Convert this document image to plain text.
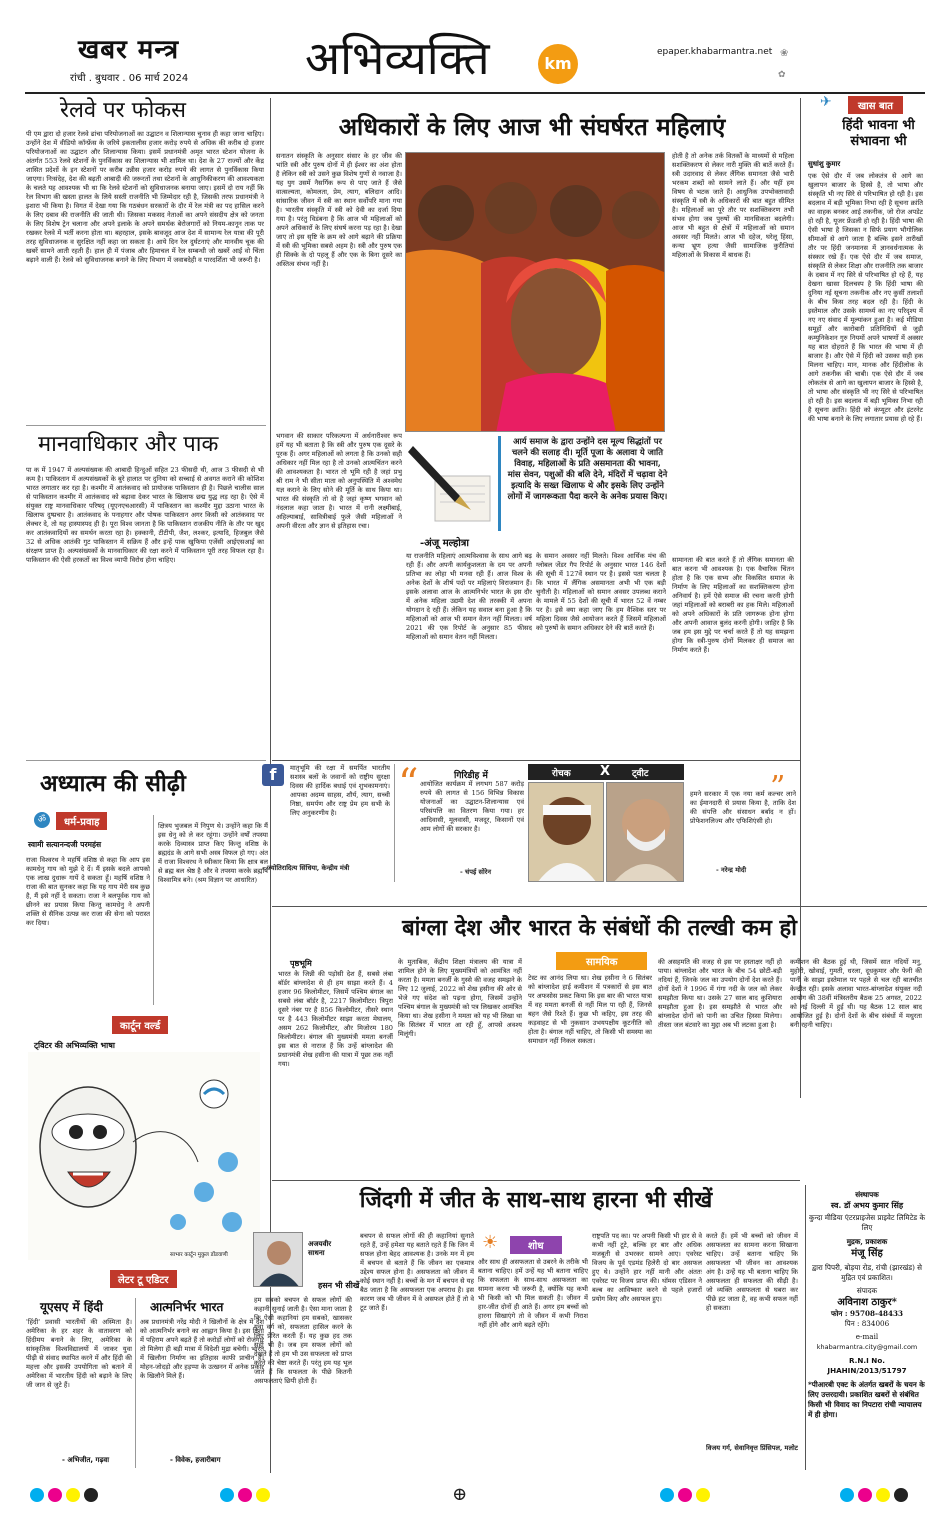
खबर मन्त्र
रांची . बुधवार . 06 मार्च 2024	अभिव्यक्ति	km
epaper.khabarmantra.net ❀
✿
रेलवे पर फोकस
पी एम द्वारा दो हजार रेलवे ढांचा परियोजनाओं का उद्घाटन व शिलान्यास चुनाव ही कहा जाना चाहिए। उन्होंने देश में वीडियो कॉन्फ्रेंस के जरिये इकतालीस हजार करोड़ रुपये से अधिक की करीब दो हजार परियोजनाओं का उद्घाटन और शिलान्यास किया। इसमें प्रधानमंत्री अमृत भारत स्टेशन योजना के अंतर्गत 553 रेलवे स्टेशनों के पुनर्विकास का शिलान्यास भी शामिल था। देश के 27 राज्यों और केंद्र शासित प्रदेशों के इन स्टेशनों पर करीब उन्नीस हजार करोड़ रुपये की लागत से पुनर्विकास किया जाएगा। निःसंदेह, देश की बढ़ती आबादी की जरूरतों तथा स्टेशनों के आधुनिकीकरण की आवश्यकता के चलते यह आवश्यक भी था कि रेलवे स्टेशनों को सुविधाजनक बनाया जाए। इसमें दो राय नहीं कि रेल विभाग की खस्ता हालत के लिये सस्ती राजनीति भी जिम्मेदार रही है, जिसकी तरफ प्रधानमंत्री ने इशारा भी किया है। विगत में देखा गया कि गठबंधन सरकारों के दौर में रेल मंत्री का पद हासिल करने के लिए दबाव की राजनीति की जाती थी। जिसका मकसद नेताओं का अपने संसदीय क्षेत्र को जनता के लिए विशेष ट्रेन चलाना और अपने इलाके के अपने समर्थक बेरोजगारों को नियम-कानून ताक पर रखकर रेलवे में भर्ती करना होता था। बहरहाल, इसके बावजूद आज देश में सामान्य रेल यात्रा की पूरी तरह सुविधाजनक व सुरक्षित नहीं कहा जा सकता है। आये दिन रेल दुर्घटनाएं और मानवीय चूक की खबरें सामने आती रहती हैं। हाल ही में पंजाब और हिमाचल में रेल सम्बन्धी जो खबरें आईं वो चिंता बढ़ाने वाली हैं। रेलवे को सुविधाजनक बनाने के लिए विभाग में जवाबदेही व पारदर्शिता भी जरूरी है।
मानवाधिकार और पाक
पा क में 1947 में अल्पसंख्यक की आबादी हिन्दुओं सहित 23 फीसदी थी, आज 3 फीसदी से भी कम है। पाकिस्तान में अल्पसंख्यकों के बुरे हालात पर दुनिया को सच्चाई से अवगत कराने की कोशिश भारत लगातार कर रहा है। कश्मीर में आतंकवाद को प्रायोजक पाकिस्तान ही है। पिछले चालीस साल से पाकिस्तान कश्मीर में आतंकवाद को बढ़ावा देकर भारत के खिलाफ छद्म युद्ध लड़ रहा है। ऐसे में संयुक्त राष्ट्र मानवाधिकार परिषद् (यूएनएचआरसी) में पाकिस्तान का कश्मीर मुद्दा उठाना भारत के खिलाफ दुष्प्रचार है। आतंकवाद के पनाहगार और पोषक पाकिस्तान अगर किसी को आतंकवाद पर लेक्चर दे, तो यह हास्यास्पद ही है। पूरा विश्व जानता है कि पाकिस्तान राजकीय नीति के तौर पर खुद कर आतंकवादियों का समर्थन करता रहा है। हक्कानी, टीटीपी, जैश, लश्कर, इत्यादि, हिजबुल जैसे 32 से अधिक आतंकी गुट पाकिस्तान में सक्रिय हैं और इन्हें पाक खुफिया एजेंसी आईएसआई का संरक्षण प्राप्त है। अल्पसंख्यकों के मानवाधिकार की रक्षा करने में पाकिस्तान पूरी तरह विफल रहा है। पाकिस्तान की ऐसी हरकतों का विश्व व्यापी विरोध होना चाहिए।
अध्यात्म की सीढ़ी
धर्म-प्रवाह
ॐ
स्वामी सत्यानन्दजी परमहंस
राजा विश्वरथ ने महर्षि वशिष्ठ से कहा कि आप इस कामधेनु गाय को मुझे दे दें। मैं इसके बदले आपको एक लाख दुधारू गायें दे सकता हूँ। महर्षि वशिष्ठ ने राजा की बात सुनकर कहा कि यह गाय मेरी सब कुछ है, मैं इसे नहीं दे सकता। राजा ने बलपूर्वक गाय को छीनने का प्रयास किया किन्तु कामधेनु ने अपनी शक्ति से सैनिक उत्पन्न कर राजा की सेना को परास्त कर दिया।
क्षित्रय भुजबल में निपुण थे। उन्होंने कहा कि मैं इस धेनु को ले कर रहूंगा। उन्होंने वर्षों तपस्या करके दिव्यास्त्र प्राप्त किए किन्तु वशिष्ठ के ब्रह्मदंड के आगे सभी अस्त्र विफल हो गए। अंत में राजा विश्वरथ ने स्वीकार किया कि क्षात्र बल से ब्रह्म बल श्रेष्ठ है और वे तपस्या करके ब्रह्मर्षि विश्वामित्र बने। (श्रम विज्ञान पर आधारित)
कार्टून वर्ल्ड
ट्विटर की अभिव्यक्ति भाषा
साभार कार्टून मुकुल डोंडवाणी
लेटर टू एडिटर
यूएसए में हिंदी
'हिंदी' प्रवासी भारतीयों की अस्मिता है। अमेरिका के हर शहर के वातावरण को हिंदीमय बनाने के लिए, अमेरिका के सांस्कृतिक विश्वविद्यालयों में जाकर युवा पीढ़ी से संवाद स्थापित करने में और हिंदी की महत्ता और इसकी उपयोगिता को बताने में अमेरिका में भारतीय हिंदी को बढ़ाने के लिए जी जान से जुटे हैं।
- अभिजीत, गढ़वा
आत्मनिर्भर भारत
अब प्रधानमंत्री नरेंद्र मोदी ने खिलौनों के क्षेत्र में देश को आत्मनिर्भर बनाने का आह्वान किया है। इस दिशा में पहिराम अपने बढ़ते हैं तो करोड़ों लोगों को रोजगार तो मिलेगा ही बड़ी मात्रा में विदेशी मुद्रा बचेगी। भारत में खिलौना निर्माण का इतिहास काफी प्राचीन है। मोहन-जोदड़ो और हड़प्पा के उत्खनन में अनेक प्रकार के खिलौने मिले हैं।
- विवेक, हजारीबाग
अधिकारों के लिए आज भी संघर्षरत महिलाएं
सनातन संस्कृति के अनुसार संसार के हर जीव की भांति स्त्री और पुरुष दोनों में ही ईश्वर का अंश होता है लेकिन स्त्री को उसने कुछ विशेष गुणों से नवाजा है। यह युग उसमें नैसर्गिक रूप से पाए जाते हैं जैसे वात्सल्यता, कोमलता, प्रेम, त्याग, बलिदान आदि। सांसारिक जीवन में स्त्री का स्थान सर्वोपरि माना गया है। भारतीय संस्कृति में स्त्री को देवी का दर्जा दिया गया है। परंतु विडंबना है कि आज भी महिलाओं को अपने अधिकारों के लिए संघर्ष करना पड़ रहा है। देखा जाए तो इस सृष्टि के क्रम को आगे बढ़ाने की प्रक्रिया में स्त्री की भूमिका सबसे अहम है। स्त्री और पुरुष एक ही सिक्के के दो पहलू हैं और एक के बिना दूसरे का अस्तित्व संभव नहीं है।
भगवान की साकार परिकल्पना में अर्धनारीश्वर रूप हमें यह भी बताता है कि स्त्री और पुरुष एक दूसरे के पूरक हैं। अगर महिलाओं को लगता है कि उनको सही अधिकार नहीं मिल रहा है तो उनको आत्मचिंतन करने की आवश्यकता है। भारत तो भूमि रही है जहां प्रभु श्री राम ने भी सीता माता को अनुपस्थिति में अश्वमेध यज्ञ कराने के लिए सोने की मूर्ति के साथ किया था। भारत की संस्कृति तो वो है जहां कृष्ण भगवान को नंदलाल कहा जाता है। भारत में रानी लक्ष्मीबाई, अहिल्याबाई, सावित्रीबाई फुले जैसी महिलाओं ने अपनी वीरता और ज्ञान से इतिहास रचा।
होती है तो अनेक तर्क वितर्कों के माध्यमों से महिला सशक्तिकरण से लेकर नारी मुक्ति की बातें करते हैं। स्त्री उदारवाद से लेकर लैंगिक समानता जैसे भारी भरकम शब्दों को सामने लाते हैं। और यहीं हम विषय से भटक जाते हैं। आधुनिक उपभोक्तावादी संस्कृति में स्त्री के अधिकारों की बात बहुत सीमित है। महिलाओं का पूरे तौर पर सशक्तिकरण तभी संभव होगा जब पुरुषों की मानसिकता बदलेगी। आज भी बहुत से क्षेत्रों में महिलाओं को समान अवसर नहीं मिलते। आज भी दहेज, घरेलू हिंसा, कन्या भ्रूण हत्या जैसी सामाजिक कुरीतियां महिलाओं के विकास में बाधक हैं।
आर्य समाज के द्वारा उन्होंने दस मूल्य सिद्धांतों पर चलने की सलाह दी। मूर्ति पूजा के अलावा ये जाति विवाह, महिलाओं के प्रति असमानता की भावना, मांस सेवन, पशुओं की बलि देने, मंदिरों में चढ़ावा देने इत्यादि के सख्त खिलाफ थे और इसके लिए उन्होंने लोगों में जागरूकता पैदा करने के अनेक प्रयास किए।
-अंजू मल्होत्रा
या राजनीति महिलाएं आत्मविश्वास के साथ आगे बढ़ रही हैं। और अपनी कार्यकुशलता के दम पर अपनी प्रतिभा का लोहा भी मनवा रही हैं। आज विश्व के अनेक देशों के शीर्ष पदों पर महिलाएं विराजमान हैं। इसके अलावा आज के आत्मनिर्भर भारत के इस दौर में अनेक महिला उद्यमी देश की तरक्की में अपना योगदान दे रही हैं। लेकिन यह सवाल बना हुआ है कि महिलाओं को आज भी समान वेतन नहीं मिलता। वर्ष 2021 की एक रिपोर्ट के अनुसार 85 फीसद महिलाओं को समान वेतन नहीं मिलता।
के समान अवसर नहीं मिलते। विश्व आर्थिक मंच की ग्लोबल जेंडर गैप रिपोर्ट के अनुसार भारत 146 देशों की सूची में 127वें स्थान पर है। इससे पता चलता है कि भारत में लैंगिक असमानता अभी भी एक बड़ी चुनौती है। महिलाओं को समान अवसर उपलब्ध कराने के मामले में 55 देशों की सूची में भारत 52 वें नम्बर पर है। इसे क्या कहा जाए कि हम वैश्विक स्तर पर महिला दिवस जैसे आयोजन करते हैं जिसमें महिलाओं को पुरुषों के समान अधिकार देने की बातें करते हैं।
सामानता की बात करते हैं तो लैंगिक समानता की बात करना भी आवश्यक है। एक वैचारिक चिंतन होता है कि एक सभ्य और विकसित समाज के निर्माण के लिए महिलाओं का सशक्तिकरण होना अनिवार्य है। हमें ऐसे समाज की रचना करनी होगी जहां महिलाओं को बराबरी का हक मिले। महिलाओं को अपने अधिकारों के प्रति जागरूक होना होगा और अपनी आवाज बुलंद करनी होगी। जाहिर है कि जब हम इस मुद्दे पर चर्चा करते हैं तो यह समझना होगा कि स्त्री-पुरुष दोनों मिलकर ही समाज का निर्माण करते हैं।
खास बात
✈
हिंदी भावना भी संभावना भी
सुधांशु कुमार
एक ऐसे दौर में जब लोकतंत्र से आगे का खुलापन बाजार के हिस्से है, तो भाषा और संस्कृति भी नए सिरे से परिभाषित हो रही है। इस बदलाव में बड़ी भूमिका निभा रही है सूचना क्रांति का वाहक बनकर आई तकनीक, जो रोज अपडेट हो रही है, यूजर फ्रेंडली हो रही है। हिंदी भाषा की ऐसी भाषा है जिसका न सिर्फ प्रयाग भौगोलिक सीमाओं से आगे जाता है बल्कि इसने तारीखों तौर पर हिंदी जनमानस में ज्ञानवर्धनात्मक के संस्कार रखे हैं। एक ऐसे दौर में जब समाज, संस्कृति से लेकर शिक्षा और राजनीति तक बाजार के दबाव में नए सिरे से परिभाषित हो रहे हैं, यह देखना खासा दिलचस्प है कि हिंदी भाषा की दुनिया नई सूचना तकनीक और नए कुर्सी तलाशों के बीच किस तरह बदल रही है। हिंदी के इस्तेमाल और उसके सामर्थ्य का नए परिदृश्य में नए नए संवाद में मूल्यांकन हुआ है। कई मीडिया समूहों और कारोबारी प्रतिनिधियों से जुड़ी कम्युनिकेशन गुरु नियमों अपने भाषणों में अक्सर यह बात दोहराते हैं कि भारत की भाषा में ही बाजार है। और ऐसे में हिंदी को उसका सही हक मिलना चाहिए। मान, मानक और हिंदीलोक के आगे तकनीक की चाबी। एक ऐसे दौर में जब लोकतंत्र से आगे का खुलापन बाजार के हिस्से है, तो भाषा और संस्कृति भी नए सिरे से परिभाषित हो रही है। इस बदलाव में बड़ी भूमिका निभा रही है सूचना क्रांति। हिंदी को कंप्यूटर और इंटरनेट की भाषा बनाने के लिए लगातार प्रयास हो रहे हैं।
f	मातृभूमि की रक्षा में समर्पित भारतीय सशस्त्र बलों के जवानों को राष्ट्रीय सुरक्षा दिवस की हार्दिक बधाई एवं शुभकामनाएं। आपका अदम्य साहस, शौर्य, त्याग, सच्ची निष्ठा, समर्पण और राष्ट्र प्रेम हम सभी के लिए अनुकरणीय है।
- ज्योतिरादित्य सिंधिया, केन्द्रीय मंत्री
“	गिरिडीह में
आयोजित कार्यक्रम में लगभग 587 करोड़ रुपये की लागत से 156 विभिन्न विकास योजनाओं का उद्घाटन-शिलान्यास एवं परिसंपत्ति का वितरण किया गया। हर आदिवासी, मूलवासी, मजदूर, किसानों एवं आम लोगों की सरकार है।
- चंपई सोरेन
रोचक X ट्वीट	”
हमने सरकार में एक नया कर्म कल्चर लाने का ईमानदारी से प्रयास किया है, ताकि देश की संपत्ति और संसाधन बर्बाद न हों। प्रोफेशनलिज्म और एफिशिएंसी हो।
- नरेन्द्र मोदी
बांग्ला देश और भारत के संबंधों की तल्खी कम हो
पृष्ठभूमि
भारत के जिन्नी की पड़ोसी देश हैं, सबसे लंबा बॉर्डर बांग्लादेश से ही हम साझा करते हैं। 4 हजार 96 किलोमीटर, जिसमें पश्चिम बंगाल का सबसे लंबा बॉर्डर है, 2217 किलोमीटर। त्रिपुरा दूसरे नंबर पर है 856 किलोमीटर, तीसरे स्थान पर है 443 किलोमीटर साझा करता मेघालय, असम 262 किलोमीटर, और मिजोरम 180 किलोमीटर। बंगाल की मुख्यमंत्री ममता बनर्जी इस बात से नाराज हैं कि उन्हें बांग्लादेश की प्रधानमंत्री शेख हसीना की यात्रा में पूछा तक नहीं गया।
के मुताबिक, केंद्रीय शिक्षा मंत्रालय की यात्रा में शामिल होने के लिए मुख्यमंत्रियों को आमंत्रित नहीं करता है। ममता बनर्जी के गुस्से की वजह समझने के लिए 12 जुलाई, 2022 को शेख हसीना की ओर से भेजे गए संदेश को पढ़ना होगा, जिसमें उन्होंने पश्चिम बंगाल के मुख्यमंत्री को पत्र लिखकर आमंत्रित किया था। शेख हसीना ने ममता को यह भी लिखा था कि सितंबर में भारत आ रही हूँ, आपसे अवश्य मिलूंगी।
सामयिक
टेस्ट का आनंद लिया था। शेख हसीना ने 6 सितंबर को बांग्लादेश हाई कमीशन में पत्रकारों से इस बात पर अफसोस प्रकट किया कि इस बार की भारत यात्रा में वह ममता बनर्जी से नहीं मिल पा रही हैं, जिनसे बहन जैसे रिश्ते हैं। कुछ भी कहिए, इस तरह की कड़वाहट से भी नुकसान उभयपक्षीय कूटनीति को होता है। बंगाल नहीं चाहिए, तो किसी भी समस्या का समाधान नहीं निकल सकता।
की असहमति की वजह से इस पर हस्ताक्षर नहीं हो पाया। बांग्लादेश और भारत के बीच 54 छोटी-बड़ी नदियां हैं, जिनके जल का उपयोग दोनों देश करते हैं। दोनों देशों ने 1996 में गंगा नदी के जल को लेकर समझौता किया था। उसके 27 साल बाद कुशियारा समझौता हुआ है। इस समझौते से भारत और बांग्लादेश दोनों को पानी का उचित हिस्सा मिलेगा। तीस्ता जल बंटवारे का मुद्दा अब भी लटका हुआ है।
कमीशन की बैठक हुई थी, जिसमें सात नदियों मनु, मुहोरी, खोवाई, गुमती, धरला, दूधकुमार और फेनी की पानी के साझा इस्तेमाल पर पहले से चल रही बातचीत केन्द्रीत रही। इसके अलावा भारत-बांग्लादेश संयुक्त नदी आयोग की 38वीं मंत्रिस्तरीय बैठक 25 अगस्त, 2022 को नई दिल्ली में हुई थी। यह बैठक 12 साल बाद आयोजित हुई है। दोनों देशों के बीच संबंधों में मधुरता बनी रहनी चाहिए।
जिंदगी में जीत के साथ-साथ हारना भी सीखें
अजयवीर साधना
हसन भी सीखें
हम सबको बचपन से सफल लोगों की कहानी सुनाई जाती है। ऐसा माना जाता है कि ऐसी कहानियां हम सबको, खासकर युवा वर्ग को, सफलता हासिल करने के लिए प्रेरित करती हैं। यह कुछ हद तक सही भी है। जब हम सफल लोगों को देखते हैं तो हम भी उस सफलता को प्राप्त करने की चेष्टा करते हैं। परंतु हम यह भूल जाते हैं कि सफलता के पीछे कितनी असफलताएं छिपी होती हैं।
बचपन से सफल लोगों की ही कहानियां सुनाते रहते हैं, उन्हें हमेशा यह बताते रहते हैं कि जिन में सफल होना बेहद आवश्यक है। उनके मन में हम में बचपन से बताते हैं कि जीवन का एकमात्र उद्देश्य सफल होना है। असफलता को जीवन में कोई स्थान नहीं है। बच्चों के मन में बचपन से यह बैठ जाता है कि असफलता एक अपराध है। इस कारण जब भी जीवन में वे असफल होते हैं तो वे टूट जाते हैं।
शोध
☀
और साथ ही असफलता से उबरने के तरीके भी बताना चाहिए। हमें उन्हें यह भी बताना चाहिए कि सफलता के साथ-साथ असफलता का सामना करना भी जरूरी है, क्योंकि यह कभी भी किसी को भी मिल सकती है। जीवन में हार-जीत दोनों ही आते हैं। अगर हम बच्चों को हारना सिखाएंगे तो वे जीवन में कभी निराश नहीं होंगे और आगे बढ़ते रहेंगे।
राष्ट्रपति पद का। पर अपनी किसी भी हार से वे कभी नहीं टूटे, बल्कि हर बार और अधिक मजबूती से उभरकर सामने आए। एवरेस्ट विजय के पूर्व एडमंड हिलेरी दो बार असफल हुए थे। उन्होंने हार नहीं मानी और अंततः एवरेस्ट पर विजय प्राप्त की। थॉमस एडिसन ने बल्ब का आविष्कार करने से पहले हजारों प्रयोग किए और असफल हुए।
करते हैं। हमें भी बच्चों को जीवन में असफलता का सामना करना सिखाना चाहिए। उन्हें बताना चाहिए कि असफलता भी जीवन का आवश्यक अंग है। उन्हें यह भी बताना चाहिए कि असफलता ही सफलता की सीढ़ी है। जो व्यक्ति असफलता से घबरा कर पीछे हट जाता है, वह कभी सफल नहीं हो सकता।
विजय गर्ग, सेवानिवृत्त प्रिंसिपल, मलोट
संस्थापक
स्व. डॉ अभय कुमार सिंह
कुन्दा मीडिया एंटरप्राइजेस प्राइवेट लिमिटेड के लिए
मुद्रक, प्रकाशक
मंजू सिंह
द्वारा पिपरी, बोड़या रोड, रांची (झारखंड) से मुद्रित एवं प्रकाशित।
संपादक
अविनाश ठाकुर*
फोन : 95708-48433
पिन : 834006
e-mail
khabarmantra.city@gmail.com
R.N.I No.
JHAHIN/2013/51797
*पीआरबी एक्ट के अंतर्गत खबरों के चयन के लिए उत्तरदायी। प्रकाशित खबरों से संबंधित किसी भी विवाद का निपटारा रांची न्यायालय में ही होगा।
⊕
